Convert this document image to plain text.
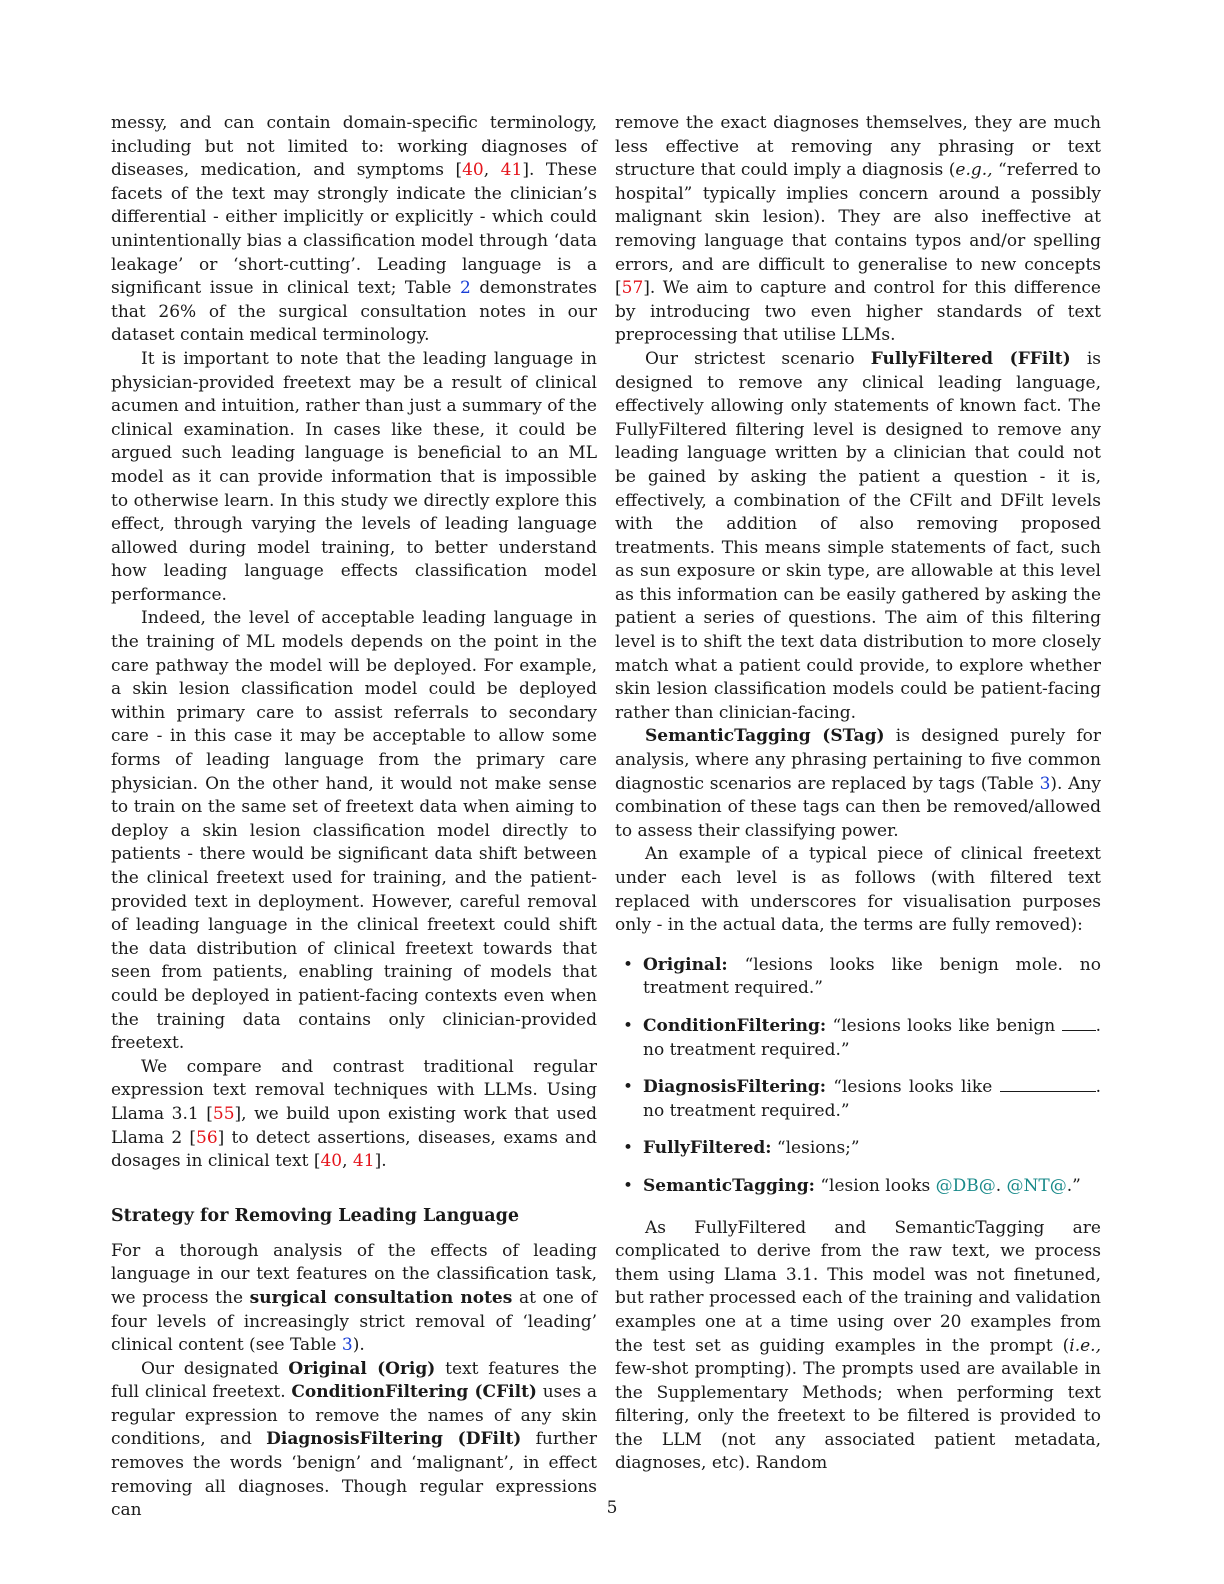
messy, and can contain domain-specific terminology, including but not limited to: working diagnoses of diseases, medication, and symptoms [40, 41]. These facets of the text may strongly indicate the clinician’s differential - either implicitly or explicitly - which could unintentionally bias a classification model through ‘data leakage’ or ‘short-cutting’. Leading language is a significant issue in clinical text; Table 2 demonstrates that 26% of the surgical consultation notes in our dataset contain medical terminology.

It is important to note that the leading language in physician-provided freetext may be a result of clinical acumen and intuition, rather than just a summary of the clinical examination. In cases like these, it could be argued such leading language is beneficial to an ML model as it can provide information that is impossible to otherwise learn. In this study we directly explore this effect, through varying the levels of leading language allowed during model training, to better understand how leading language effects classification model performance.

Indeed, the level of acceptable leading language in the training of ML models depends on the point in the care pathway the model will be deployed. For example, a skin lesion classification model could be deployed within primary care to assist referrals to secondary care - in this case it may be acceptable to allow some forms of leading language from the primary care physician. On the other hand, it would not make sense to train on the same set of freetext data when aiming to deploy a skin lesion classification model directly to patients - there would be significant data shift between the clinical freetext used for training, and the patient-provided text in deployment. However, careful removal of leading language in the clinical freetext could shift the data distribution of clinical freetext towards that seen from patients, enabling training of models that could be deployed in patient-facing contexts even when the training data contains only clinician-provided freetext.

We compare and contrast traditional regular expression text removal techniques with LLMs. Using Llama 3.1 [55], we build upon existing work that used Llama 2 [56] to detect assertions, diseases, exams and dosages in clinical text [40, 41].

Strategy for Removing Leading Language

For a thorough analysis of the effects of leading language in our text features on the classification task, we process the surgical consultation notes at one of four levels of increasingly strict removal of ‘leading’ clinical content (see Table 3).

Our designated Original (Orig) text features the full clinical freetext. ConditionFiltering (CFilt) uses a regular expression to remove the names of any skin conditions, and DiagnosisFiltering (DFilt) further removes the words ‘benign’ and ‘malignant’, in effect removing all diagnoses. Though regular expressions can

remove the exact diagnoses themselves, they are much less effective at removing any phrasing or text structure that could imply a diagnosis (e.g., “referred to hospital” typically implies concern around a possibly malignant skin lesion). They are also ineffective at removing language that contains typos and/or spelling errors, and are difficult to generalise to new concepts [57]. We aim to capture and control for this difference by introducing two even higher standards of text preprocessing that utilise LLMs.

Our strictest scenario FullyFiltered (FFilt) is designed to remove any clinical leading language, effectively allowing only statements of known fact. The FullyFiltered filtering level is designed to remove any leading language written by a clinician that could not be gained by asking the patient a question - it is, effectively, a combination of the CFilt and DFilt levels with the addition of also removing proposed treatments. This means simple statements of fact, such as sun exposure or skin type, are allowable at this level as this information can be easily gathered by asking the patient a series of questions. The aim of this filtering level is to shift the text data distribution to more closely match what a patient could provide, to explore whether skin lesion classification models could be patient-facing rather than clinician-facing.

SemanticTagging (STag) is designed purely for analysis, where any phrasing pertaining to five common diagnostic scenarios are replaced by tags (Table 3). Any combination of these tags can then be removed/allowed to assess their classifying power.

An example of a typical piece of clinical freetext under each level is as follows (with filtered text replaced with underscores for visualisation purposes only - in the actual data, the terms are fully removed):

• Original: “lesions looks like benign mole. no treatment required.”
• ConditionFiltering: “lesions looks like benign . no treatment required.”
• DiagnosisFiltering: “lesions looks like	. no treatment required.”
• FullyFiltered: “lesions;”
• SemanticTagging: “lesion looks @DB@. @NT@.”

As FullyFiltered and SemanticTagging are complicated to derive from the raw text, we process them using Llama 3.1. This model was not finetuned, but rather processed each of the training and validation examples one at a time using over 20 examples from the test set as guiding examples in the prompt (i.e., few-shot prompting). The prompts used are available in the Supplementary Methods; when performing text filtering, only the freetext to be filtered is provided to the LLM (not any associated patient metadata, diagnoses, etc). Random

5
